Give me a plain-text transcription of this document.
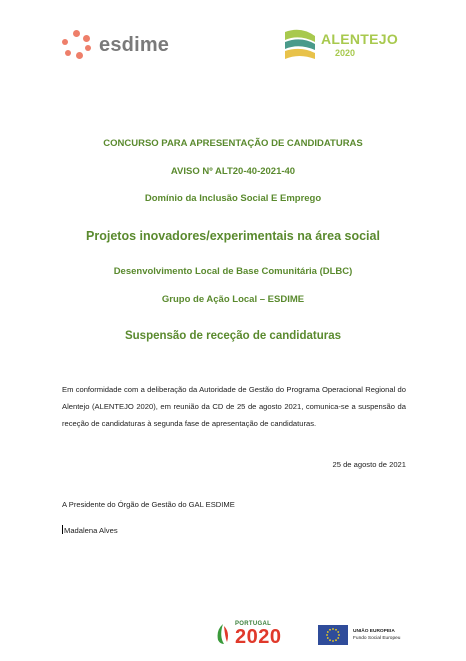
esdime	ALENTEJO
2020
CONCURSO PARA APRESENTAÇÃO DE CANDIDATURAS
AVISO Nº ALT20-40-2021-40
Domínio da Inclusão Social E Emprego
Projetos inovadores/experimentais na área social
Desenvolvimento Local de Base Comunitária (DLBC)
Grupo de Ação Local – ESDIME
Suspensão de receção de candidaturas
Em conformidade com a deliberação da Autoridade de Gestão do Programa Operacional Regional do Alentejo (ALENTEJO 2020), em reunião da CD de 25 de agosto 2021, comunica-se a suspensão da receção de candidaturas à segunda fase de apresentação de candidaturas.
25 de agosto de 2021
A Presidente do Órgão de Gestão do GAL ESDIME
Madalena Alves
PORTUGAL
2020	UNIÃO EUROPEIA
Fundo Social Europeu
